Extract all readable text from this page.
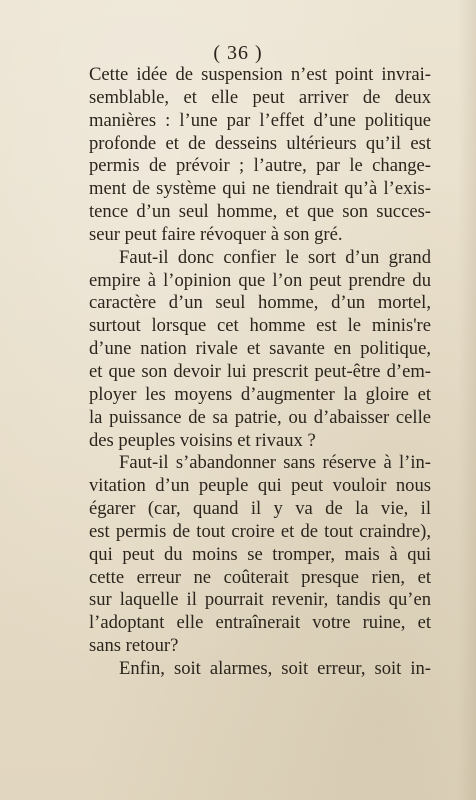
( 36 )
Cette idée de suspension n’est point invrai-
semblable, et elle peut arriver de deux
manières : l’une par l’effet d’une politique
profonde et de desseins ultérieurs qu’il est
permis de prévoir ; l’autre, par le change-
ment de système qui ne tiendrait qu’à l’exis-
tence d’un seul homme, et que son succes-
seur peut faire révoquer à son gré.
Faut-il donc confier le sort d’un grand
empire à l’opinion que l’on peut prendre du
caractère d’un seul homme, d’un mortel,
surtout lorsque cet homme est le minis're
d’une nation rivale et savante en politique,
et que son devoir lui prescrit peut-être d’em-
ployer les moyens d’augmenter la gloire et
la puissance de sa patrie, ou d’abaisser celle
des peuples voisins et rivaux ?
Faut-il s’abandonner sans réserve à l’in-
vitation d’un peuple qui peut vouloir nous
égarer (car, quand il y va de la vie, il
est permis de tout croire et de tout craindre),
qui peut du moins se tromper, mais à qui
cette erreur ne coûterait presque rien, et
sur laquelle il pourrait revenir, tandis qu’en
l’adoptant elle entraînerait votre ruine, et
sans retour?
Enfin, soit alarmes, soit erreur, soit in-
